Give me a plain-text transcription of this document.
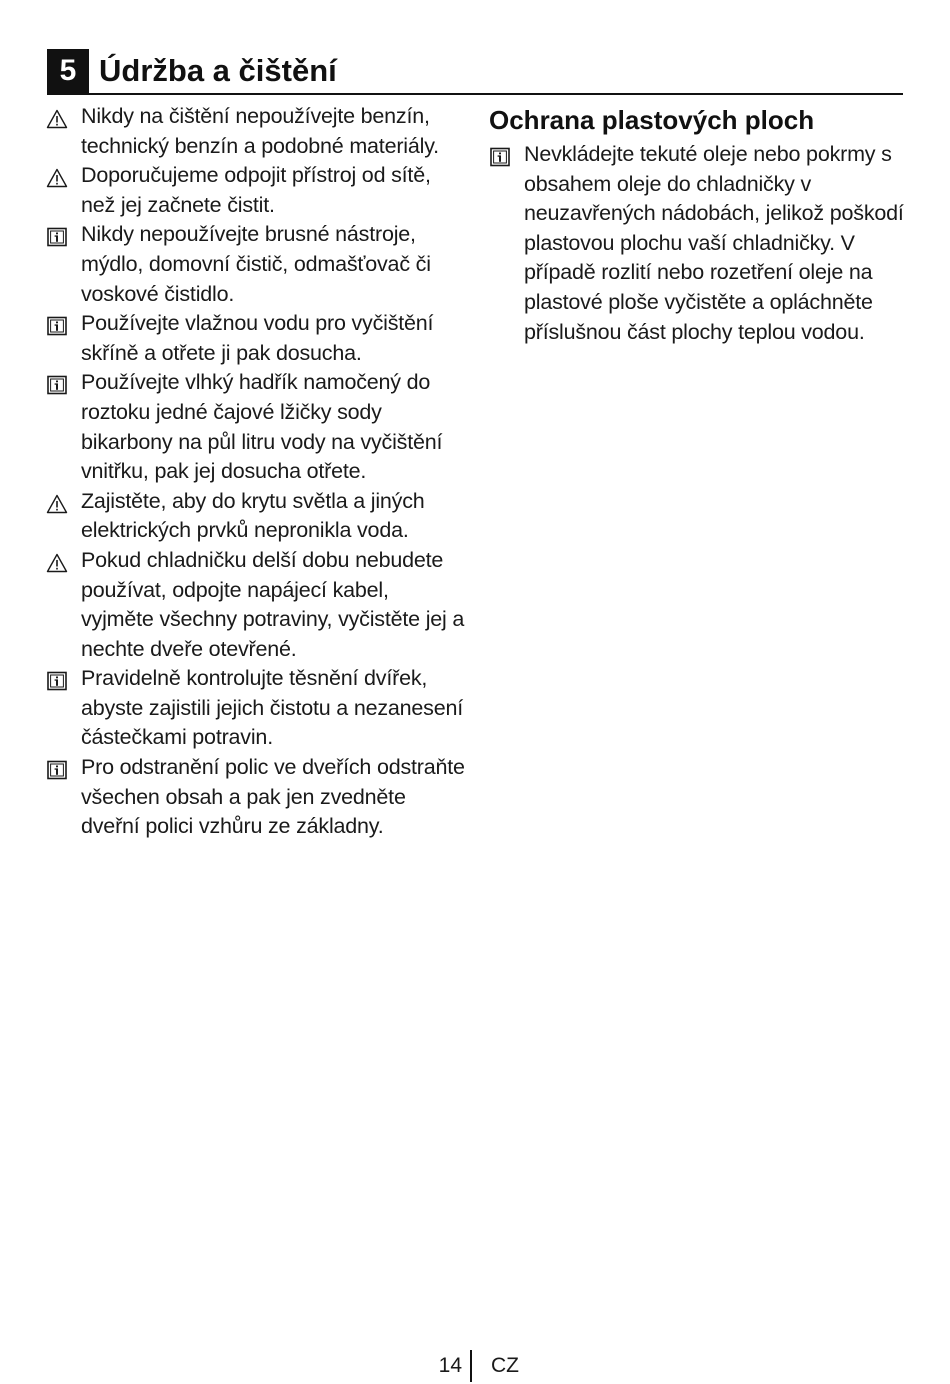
5 Údržba a čištění
Nikdy na čištění nepoužívejte benzín, technický benzín a podobné materiály.
Doporučujeme odpojit přístroj od sítě, než jej začnete čistit.
Nikdy nepoužívejte brusné nástroje, mýdlo, domovní čistič, odmašťovač či voskové čistidlo.
Používejte vlažnou vodu pro vyčištění skříně a otřete ji pak dosucha.
Používejte vlhký hadřík namočený do roztoku jedné čajové lžičky sody bikarbony na půl litru vody na vyčištění vnitřku, pak jej dosucha otřete.
Zajistěte, aby do krytu světla a jiných elektrických prvků nepronikla voda.
Pokud chladničku delší dobu nebudete používat, odpojte napájecí kabel, vyjměte všechny potraviny, vyčistěte jej a nechte dveře otevřené.
Pravidelně kontrolujte těsnění dvířek, abyste zajistili jejich čistotu a nezanesení částečkami potravin.
Pro odstranění polic ve dveřích odstraňte všechen obsah a pak jen zvedněte dveřní polici vzhůru ze základny.
Ochrana plastových ploch
Nevkládejte tekuté oleje nebo pokrmy s obsahem oleje do chladničky v neuzavřených nádobách, jelikož poškodí plastovou plochu vaší chladničky. V případě rozlití nebo rozetření oleje na plastové ploše vyčistěte a opláchněte příslušnou část plochy teplou vodou.
14 CZ
